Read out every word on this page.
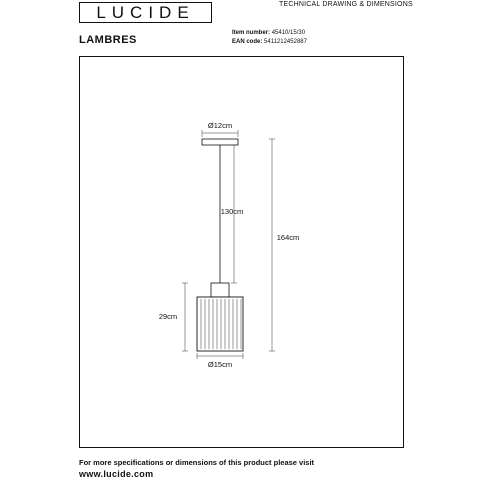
LUCIDE	TECHNICAL DRAWING & DIMENSIONS
LAMBRES
Item number: 45410/15/30
EAN code: 5411212452887
Ø12cm
130cm
164cm
29cm
Ø15cm
For more specifications or dimensions of this product please visit
www.lucide.com
